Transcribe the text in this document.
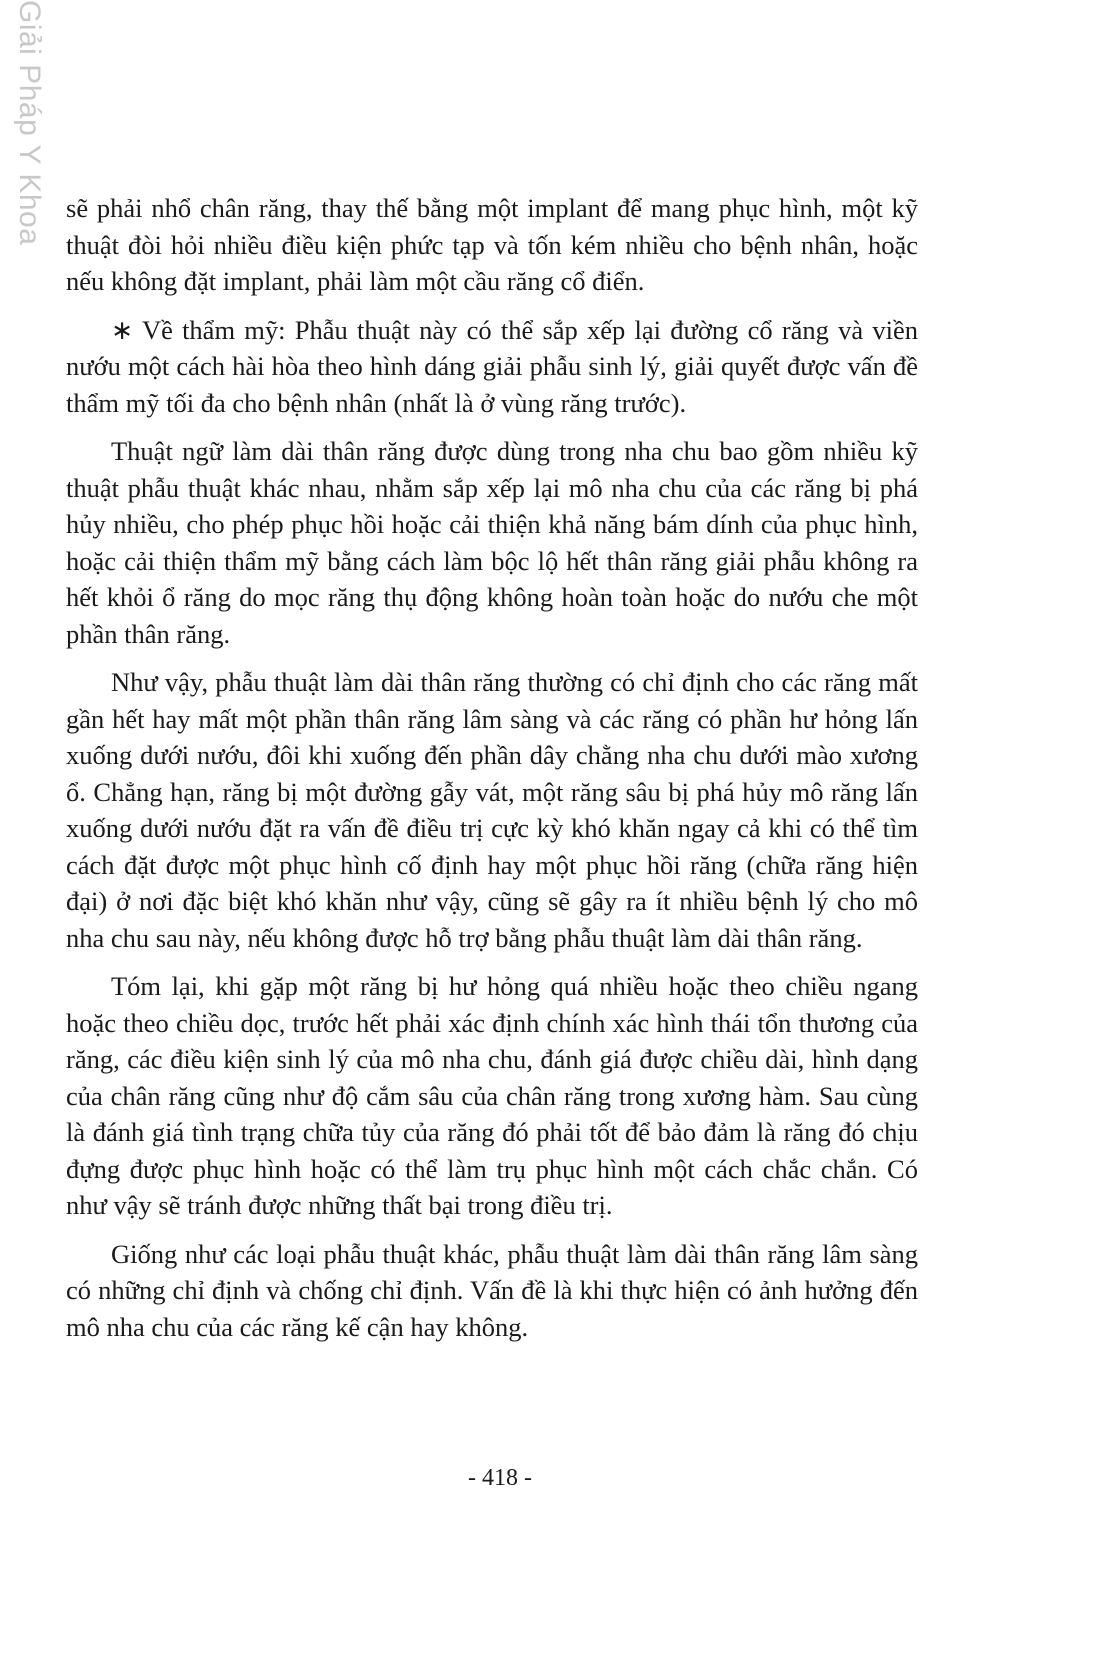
Giải Pháp Y Khoa sẽ phải nhổ chân răng, thay thế bằng một implant để mang phục hình, một kỹ thuật đòi hỏi nhiều điều kiện phức tạp và tốn kém nhiều cho bệnh nhân, hoặc nếu không đặt implant, phải làm một cầu răng cổ điển.

∗ Về thẩm mỹ: Phẫu thuật này có thể sắp xếp lại đường cổ răng và viền nướu một cách hài hòa theo hình dáng giải phẫu sinh lý, giải quyết được vấn đề thẩm mỹ tối đa cho bệnh nhân (nhất là ở vùng răng trước).

Thuật ngữ làm dài thân răng được dùng trong nha chu bao gồm nhiều kỹ thuật phẫu thuật khác nhau, nhằm sắp xếp lại mô nha chu của các răng bị phá hủy nhiều, cho phép phục hồi hoặc cải thiện khả năng bám dính của phục hình, hoặc cải thiện thẩm mỹ bằng cách làm bộc lộ hết thân răng giải phẫu không ra hết khỏi ổ răng do mọc răng thụ động không hoàn toàn hoặc do nướu che một phần thân răng.

Như vậy, phẫu thuật làm dài thân răng thường có chỉ định cho các răng mất gần hết hay mất một phần thân răng lâm sàng và các răng có phần hư hỏng lấn xuống dưới nướu, đôi khi xuống đến phần dây chằng nha chu dưới mào xương ổ. Chẳng hạn, răng bị một đường gẫy vát, một răng sâu bị phá hủy mô răng lấn xuống dưới nướu đặt ra vấn đề điều trị cực kỳ khó khăn ngay cả khi có thể tìm cách đặt được một phục hình cố định hay một phục hồi răng (chữa răng hiện đại) ở nơi đặc biệt khó khăn như vậy, cũng sẽ gây ra ít nhiều bệnh lý cho mô nha chu sau này, nếu không được hỗ trợ bằng phẫu thuật làm dài thân răng.

Tóm lại, khi gặp một răng bị hư hỏng quá nhiều hoặc theo chiều ngang hoặc theo chiều dọc, trước hết phải xác định chính xác hình thái tổn thương của răng, các điều kiện sinh lý của mô nha chu, đánh giá được chiều dài, hình dạng của chân răng cũng như độ cắm sâu của chân răng trong xương hàm. Sau cùng là đánh giá tình trạng chữa tủy của răng đó phải tốt để bảo đảm là răng đó chịu đựng được phục hình hoặc có thể làm trụ phục hình một cách chắc chắn. Có như vậy sẽ tránh được những thất bại trong điều trị.

Giống như các loại phẫu thuật khác, phẫu thuật làm dài thân răng lâm sàng có những chỉ định và chống chỉ định. Vấn đề là khi thực hiện có ảnh hưởng đến mô nha chu của các răng kế cận hay không.

- 418 -
